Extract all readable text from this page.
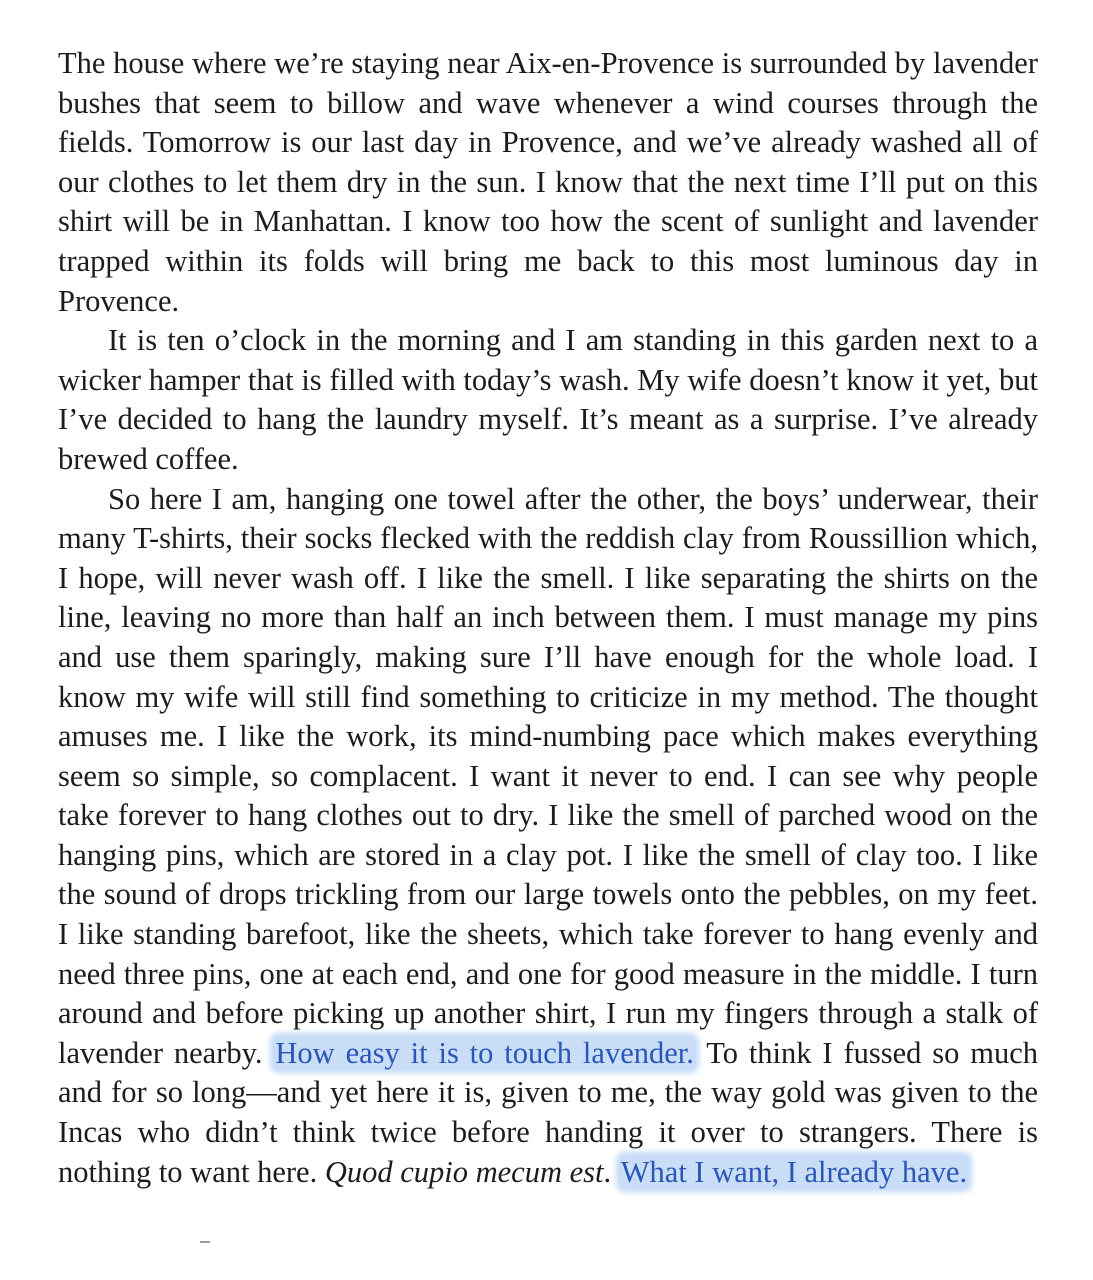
The house where we’re staying near Aix-en-Provence is surrounded by lavender bushes that seem to billow and wave whenever a wind courses through the fields. Tomorrow is our last day in Provence, and we’ve already washed all of our clothes to let them dry in the sun. I know that the next time I’ll put on this shirt will be in Manhattan. I know too how the scent of sunlight and lavender trapped within its folds will bring me back to this most luminous day in Provence.

It is ten o’clock in the morning and I am standing in this garden next to a wicker hamper that is filled with today’s wash. My wife doesn’t know it yet, but I’ve decided to hang the laundry myself. It’s meant as a surprise. I’ve already brewed coffee.

So here I am, hanging one towel after the other, the boys’ underwear, their many T-shirts, their socks flecked with the reddish clay from Roussillion which, I hope, will never wash off. I like the smell. I like separating the shirts on the line, leaving no more than half an inch between them. I must manage my pins and use them sparingly, making sure I’ll have enough for the whole load. I know my wife will still find something to criticize in my method. The thought amuses me. I like the work, its mind-numbing pace which makes everything seem so simple, so complacent. I want it never to end. I can see why people take forever to hang clothes out to dry. I like the smell of parched wood on the hanging pins, which are stored in a clay pot. I like the smell of clay too. I like the sound of drops trickling from our large towels onto the pebbles, on my feet. I like standing barefoot, like the sheets, which take forever to hang evenly and need three pins, one at each end, and one for good measure in the middle. I turn around and before picking up another shirt, I run my fingers through a stalk of lavender nearby. How easy it is to touch lavender. To think I fussed so much and for so long—and yet here it is, given to me, the way gold was given to the Incas who didn’t think twice before handing it over to strangers. There is nothing to want here. Quod cupio mecum est. What I want, I already have.
